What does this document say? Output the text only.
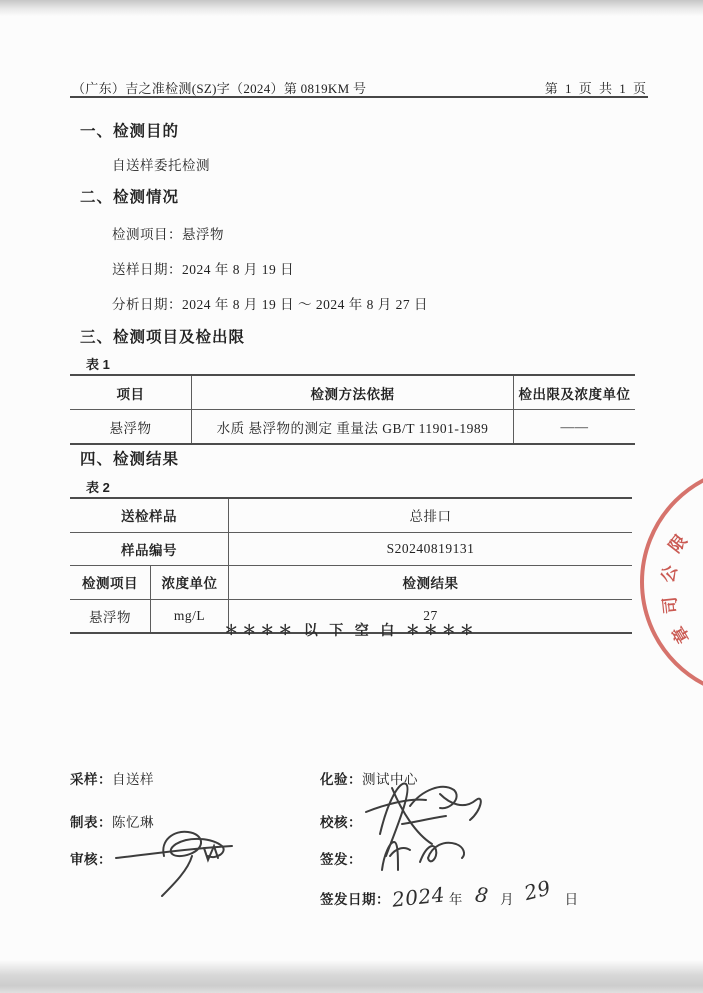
（广东）吉之准检测(SZ)字（2024）第 0819KM 号	第 1 页 共 1 页
一、检测目的
自送样委托检测
二、检测情况
检测项目：悬浮物
送样日期：2024 年 8 月 19 日
分析日期：2024 年 8 月 19 日 ～ 2024 年 8 月 27 日
三、检测项目及检出限
表 1
项目	检测方法依据	检出限及浓度单位
悬浮物	水质 悬浮物的测定 重量法 GB/T 11901-1989	——
四、检测结果
表 2
送检样品	总排口
样品编号	S20240819131
检测项目	浓度单位	检测结果
悬浮物	mg/L	27
＊＊＊＊ 以 下 空 白 ＊＊＊＊
采样：自送样	化验：测试中心
制表：陈忆琳	校核：
审核：	签发：
签发日期：2024 年 8 月 29 日
限
公
司
章
